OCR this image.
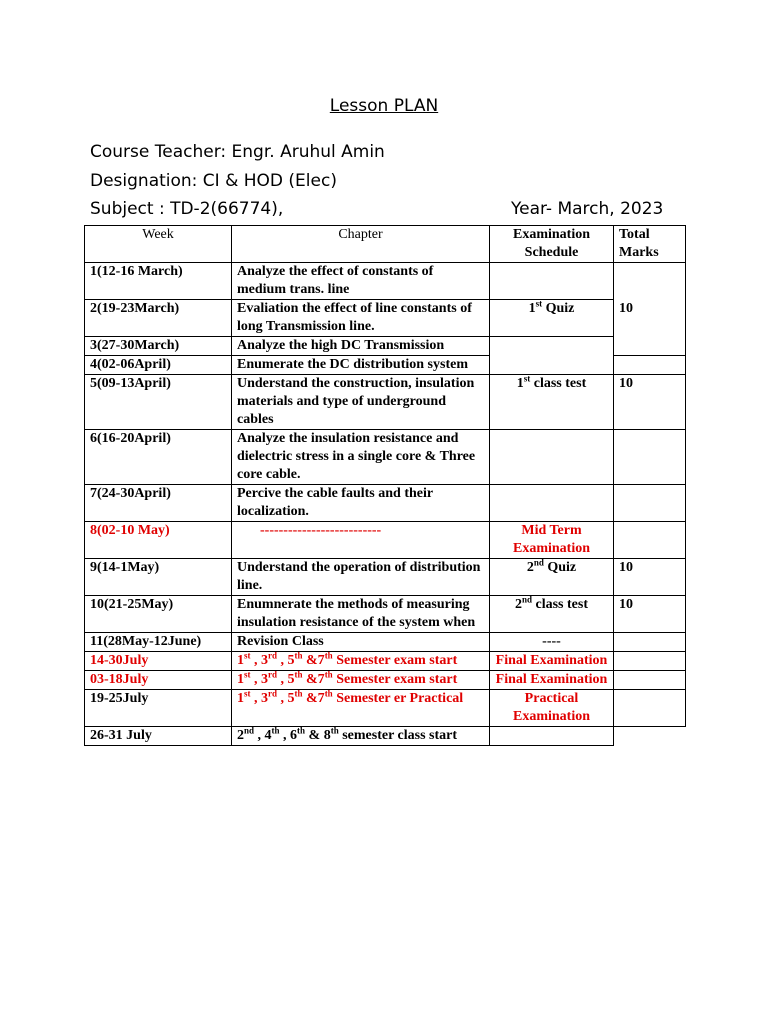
Lesson PLAN
Course Teacher: Engr. Aruhul Amin
Designation: CI & HOD (Elec)
Subject : TD-2(66774),	Year- March, 2023
Week	Chapter	Examination Schedule	Total Marks
1(12-16 March)	Analyze the effect of constants of medium trans. line		10
2(19-23March)	Evaliation the effect of line constants of long Transmission line.	1st Quiz	
3(27-30March)	Analyze the high DC Transmission		
4(02-06April)	Enumerate the DC distribution system		
5(09-13April)	Understand the construction, insulation materials and type of underground cables	1st class test	10
6(16-20April)	Analyze the insulation resistance and dielectric stress in a single core & Three core cable.		
7(24-30April)	Percive the cable faults and their localization.		
8(02-10 May)	--------------------------	Mid Term Examination	
9(14-1May)	Understand the operation of distribution line.	2nd Quiz	10
10(21-25May)	Enumnerate the methods of measuring insulation resistance of the system when	2nd class test	10
11(28May-12June)	Revision Class	----	
14-30July	1st , 3rd , 5th &7th Semester exam start	Final Examination	
03-18July	1st , 3rd , 5th &7th Semester exam start	Final Examination	
19-25July	1st , 3rd , 5th &7th Semester er Practical	Practical Examination	
26-31 July	2nd , 4th , 6th & 8th semester class start		
